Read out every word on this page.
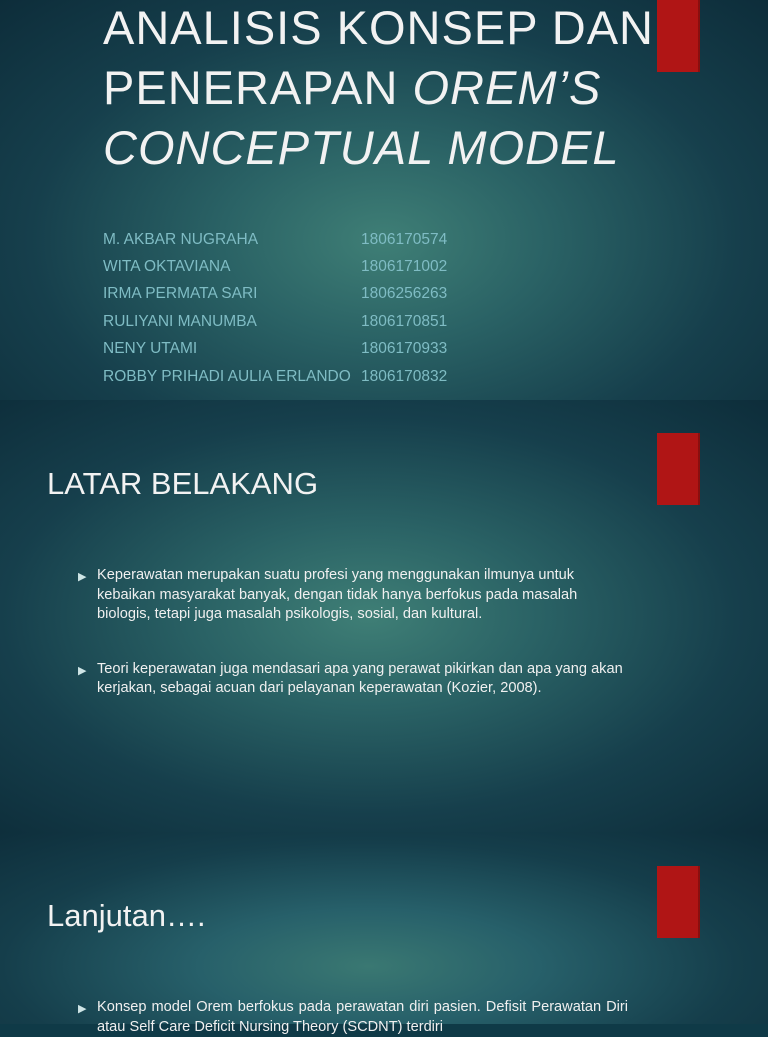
ANALISIS KONSEP DAN
PENERAPAN OREM’S
CONCEPTUAL MODEL
M. AKBAR NUGRAHA	1806170574
WITA OKTAVIANA	1806171002
IRMA PERMATA SARI	1806256263
RULIYANI MANUMBA	1806170851
NENY UTAMI	1806170933
ROBBY PRIHADI AULIA ERLANDO 1806170832
LATAR BELAKANG
▶ Keperawatan merupakan suatu profesi yang menggunakan ilmunya untuk kebaikan masyarakat banyak, dengan tidak hanya berfokus pada masalah biologis, tetapi juga masalah psikologis, sosial, dan kultural.
▶ Teori keperawatan juga mendasari apa yang perawat pikirkan dan apa yang akan kerjakan, sebagai acuan dari pelayanan keperawatan (Kozier, 2008).
Lanjutan….
▶ Konsep model Orem berfokus pada perawatan diri pasien. Defisit Perawatan Diri atau Self Care Deficit Nursing Theory (SCDNT) terdiri
